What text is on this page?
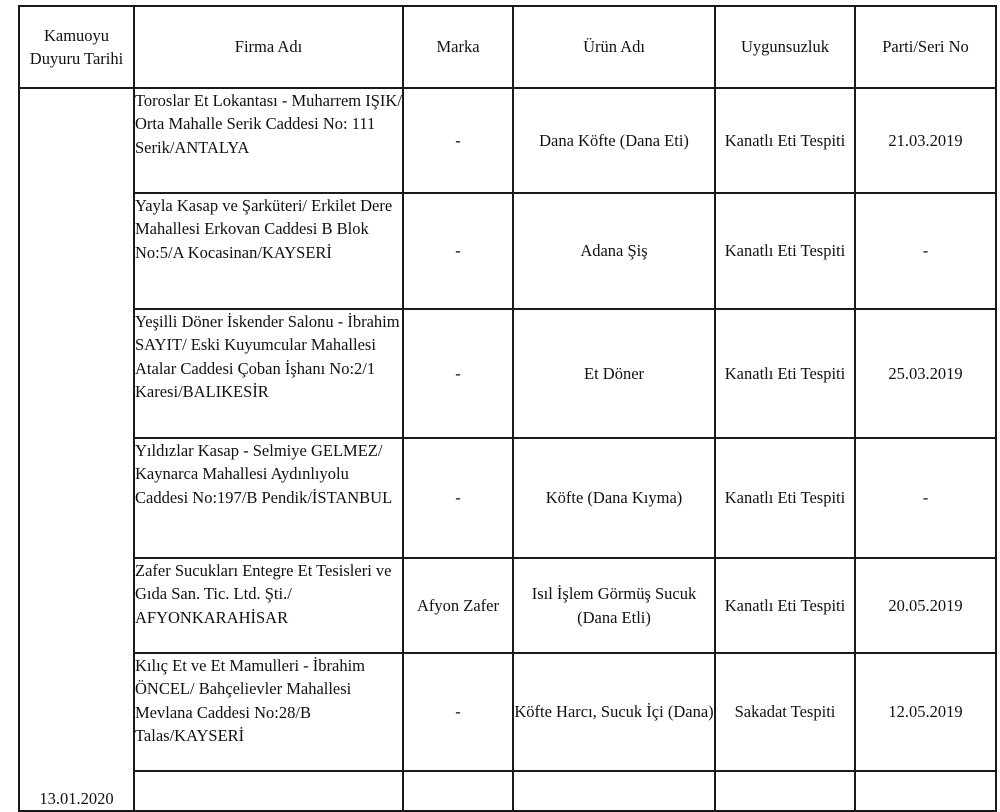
Kamuoyu Duyuru Tarihi	Firma Adı	Marka	Ürün Adı	Uygunsuzluk	Parti/Seri No
13.01.2020	Toroslar Et Lokantası - Muharrem IŞIK/ Orta Mahalle Serik Caddesi No: 111 Serik/ANTALYA	-	Dana Köfte (Dana Eti)	Kanatlı Eti Tespiti	21.03.2019
	Yayla Kasap ve Şarküteri/ Erkilet Dere Mahallesi Erkovan Caddesi B Blok No:5/A Kocasinan/KAYSERİ	-	Adana Şiş	Kanatlı Eti Tespiti	-
	Yeşilli Döner İskender Salonu - İbrahim SAYIT/ Eski Kuyumcular Mahallesi Atalar Caddesi Çoban İşhanı No:2/1 Karesi/BALIKESİR	-	Et Döner	Kanatlı Eti Tespiti	25.03.2019
	Yıldızlar Kasap - Selmiye GELMEZ/ Kaynarca Mahallesi Aydınlıyolu Caddesi No:197/B Pendik/İSTANBUL	-	Köfte (Dana Kıyma)	Kanatlı Eti Tespiti	-
	Zafer Sucukları Entegre Et Tesisleri ve Gıda San. Tic. Ltd. Şti./ AFYONKARAHİSAR	Afyon Zafer	Isıl İşlem Görmüş Sucuk (Dana Etli)	Kanatlı Eti Tespiti	20.05.2019
	Kılıç Et ve Et Mamulleri - İbrahim ÖNCEL/ Bahçelievler Mahallesi Mevlana Caddesi No:28/B Talas/KAYSERİ	-	Köfte Harcı, Sucuk İçi (Dana)	Sakadat Tespiti	12.05.2019
